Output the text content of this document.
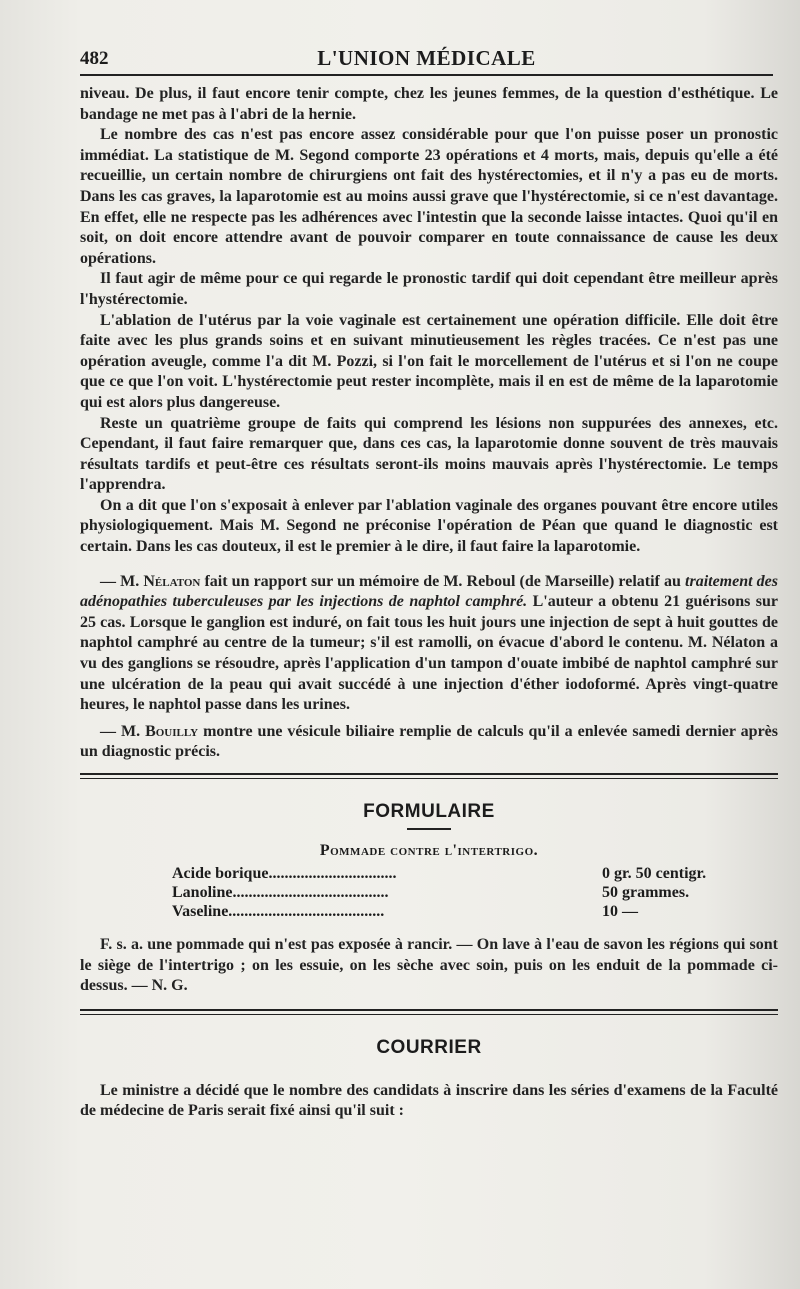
482	L'UNION MÉDICALE

niveau. De plus, il faut encore tenir compte, chez les jeunes femmes, de la question d'esthétique. Le bandage ne met pas à l'abri de la hernie.

Le nombre des cas n'est pas encore assez considérable pour que l'on puisse poser un pronostic immédiat. La statistique de M. Segond comporte 23 opérations et 4 morts, mais, depuis qu'elle a été recueillie, un certain nombre de chirurgiens ont fait des hystérectomies, et il n'y a pas eu de morts. Dans les cas graves, la laparotomie est au moins aussi grave que l'hystérectomie, si ce n'est davantage. En effet, elle ne respecte pas les adhérences avec l'intestin que la seconde laisse intactes. Quoi qu'il en soit, on doit encore attendre avant de pouvoir comparer en toute connaissance de cause les deux opérations.

Il faut agir de même pour ce qui regarde le pronostic tardif qui doit cependant être meilleur après l'hystérectomie.

L'ablation de l'utérus par la voie vaginale est certainement une opération difficile. Elle doit être faite avec les plus grands soins et en suivant minutieusement les règles tracées. Ce n'est pas une opération aveugle, comme l'a dit M. Pozzi, si l'on fait le morcellement de l'utérus et si l'on ne coupe que ce que l'on voit. L'hystérectomie peut rester incomplète, mais il en est de même de la laparotomie qui est alors plus dangereuse.

Reste un quatrième groupe de faits qui comprend les lésions non suppurées des annexes, etc. Cependant, il faut faire remarquer que, dans ces cas, la laparotomie donne souvent de très mauvais résultats tardifs et peut-être ces résultats seront-ils moins mauvais après l'hystérectomie. Le temps l'apprendra.

On a dit que l'on s'exposait à enlever par l'ablation vaginale des organes pouvant être encore utiles physiologiquement. Mais M. Segond ne préconise l'opération de Péan que quand le diagnostic est certain. Dans les cas douteux, il est le premier à le dire, il faut faire la laparotomie.

— M. Nélaton fait un rapport sur un mémoire de M. Reboul (de Marseille) relatif au traitement des adénopathies tuberculeuses par les injections de naphtol camphré. L'auteur a obtenu 21 guérisons sur 25 cas. Lorsque le ganglion est induré, on fait tous les huit jours une injection de sept à huit gouttes de naphtol camphré au centre de la tumeur; s'il est ramolli, on évacue d'abord le contenu. M. Nélaton a vu des ganglions se résoudre, après l'application d'un tampon d'ouate imbibé de naphtol camphré sur une ulcération de la peau qui avait succédé à une injection d'éther iodoformé. Après vingt-quatre heures, le naphtol passe dans les urines.

— M. Bouilly montre une vésicule biliaire remplie de calculs qu'il a enlevée samedi dernier après un diagnostic précis.

FORMULAIRE
Pommade contre l'intertrigo.
Acide borique................................	0 gr. 50 centigr.
Lanoline.......................................	50 grammes.
Vaseline.......................................	10 —

F. s. a. une pommade qui n'est pas exposée à rancir. — On lave à l'eau de savon les régions qui sont le siège de l'intertrigo ; on les essuie, on les sèche avec soin, puis on les enduit de la pommade ci-dessus. — N. G.

COURRIER

Le ministre a décidé que le nombre des candidats à inscrire dans les séries d'examens de la Faculté de médecine de Paris serait fixé ainsi qu'il suit :
